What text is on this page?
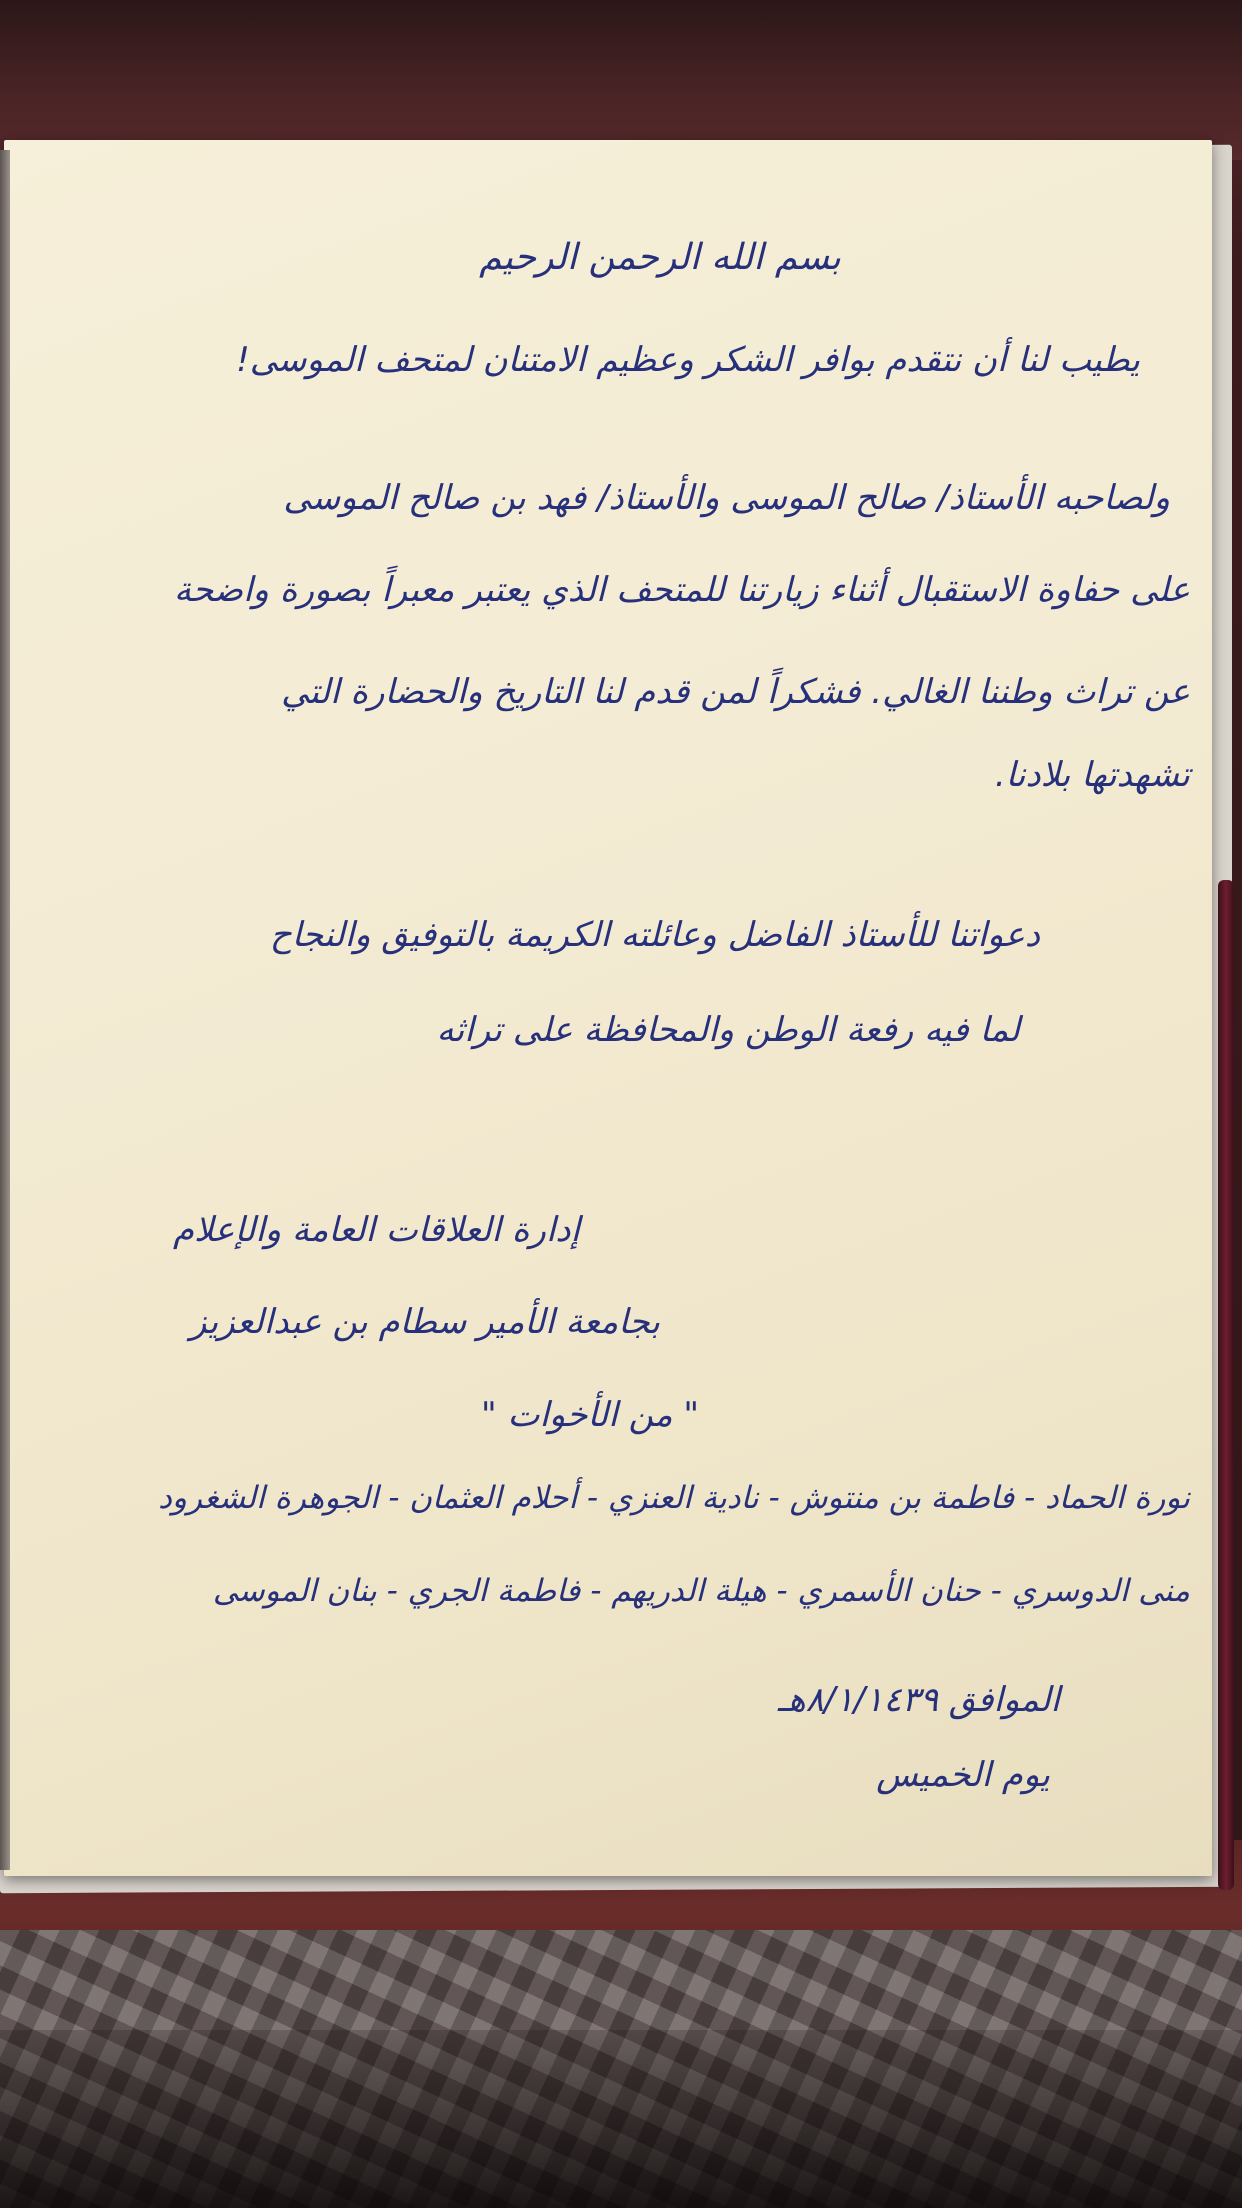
بسم الله الرحمن الرحيم
يطيب لنا أن نتقدم بوافر الشكر وعظيم الامتنان لمتحف الموسى!
ولصاحبه الأستاذ/ صالح الموسى والأستاذ/ فهد بن صالح الموسى
على حفاوة الاستقبال أثناء زيارتنا للمتحف الذي يعتبر معبراً بصورة واضحة
عن تراث وطننا الغالي. فشكراً لمن قدم لنا التاريخ والحضارة التي
تشهدتها بلادنا.
دعواتنا للأستاذ الفاضل وعائلته الكريمة بالتوفيق والنجاح
لما فيه رفعة الوطن والمحافظة على تراثه
إدارة العلاقات العامة والإعلام
بجامعة الأمير سطام بن عبدالعزيز
" من الأخوات "
نورة الحماد - فاطمة بن منتوش - نادية العنزي - أحلام العثمان - الجوهرة الشغرود
منى الدوسري - حنان الأسمري - هيلة الدريهم - فاطمة الجري - بنان الموسى
الموافق ٨/١/١٤٣٩هـ
يوم الخميس
